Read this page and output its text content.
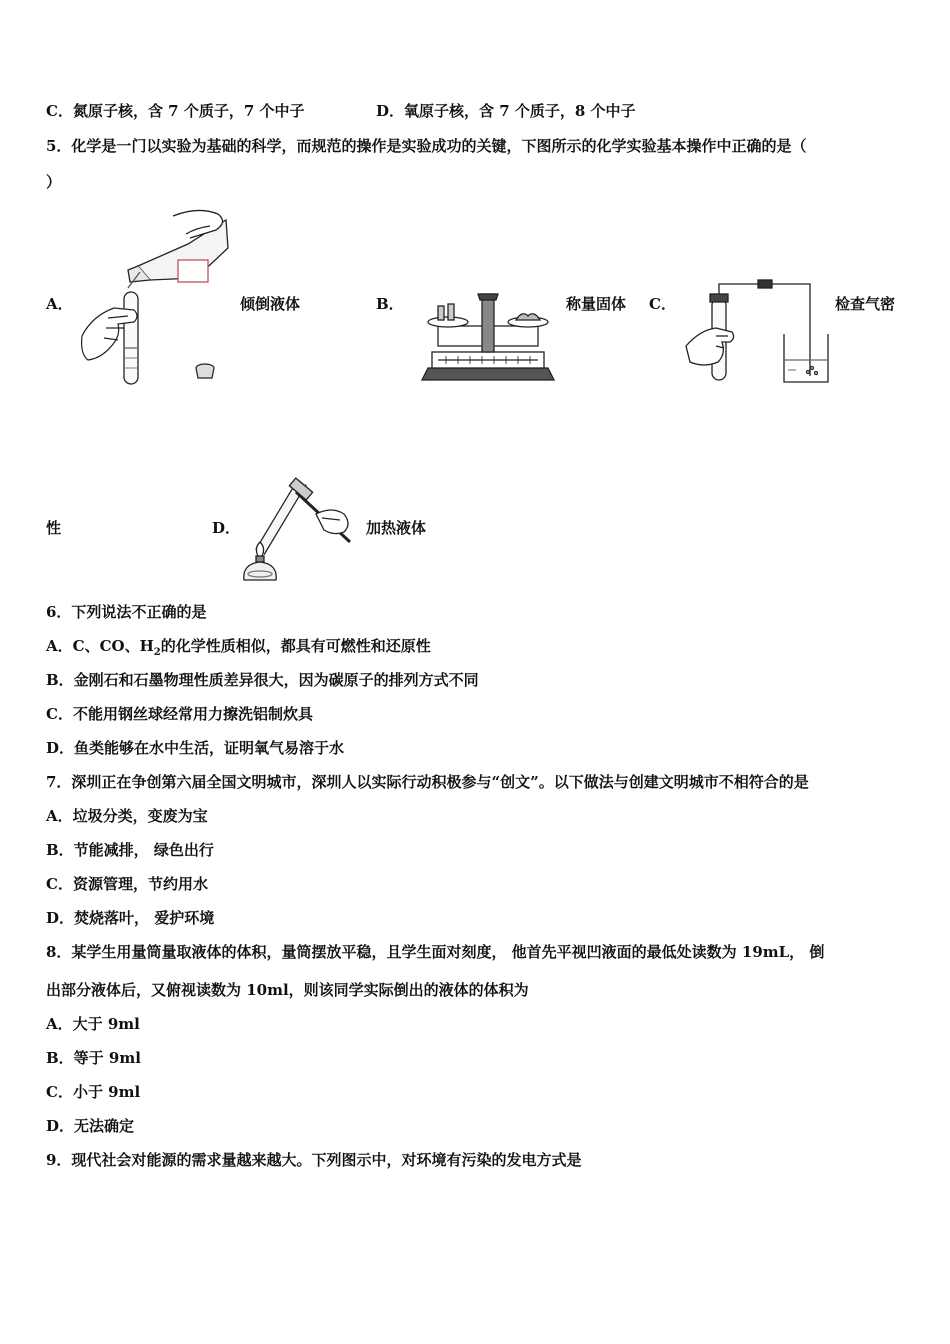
C．氮原子核，含 7 个质子，7 个中子	D．氧原子核，含 7 个质子，8 个中子
5．化学是一门以实验为基础的科学，而规范的操作是实验成功的关键，下图所示的化学实验基本操作中正确的是（
）
A．	倾倒液体	B．	称量固体 C．	检查气密
性	D．	加热液体
6．下列说法不正确的是
A．C、CO、$H_2$的化学性质相似，都具有可燃性和还原性
B．金刚石和石墨物理性质差异很大，因为碳原子的排列方式不同
C．不能用钢丝球经常用力擦洗铝制炊具
D．鱼类能够在水中生活，证明氧气易溶于水
7．深圳正在争创第六届全国文明城市，深圳人以实际行动积极参与“创文”。以下做法与创建文明城市不相符合的是
A．垃圾分类，变废为宝
B．节能减排， 绿色出行
C．资源管理，节约用水
D．焚烧落叶， 爱护环境
8．某学生用量筒量取液体的体积，量筒摆放平稳，且学生面对刻度， 他首先平视凹液面的最低处读数为 19mL， 倒
出部分液体后，又俯视读数为 10ml，则该同学实际倒出的液体的体积为
A．大于 9ml
B．等于 9ml
C．小于 9ml
D．无法确定
9．现代社会对能源的需求量越来越大。下列图示中，对环境有污染的发电方式是
